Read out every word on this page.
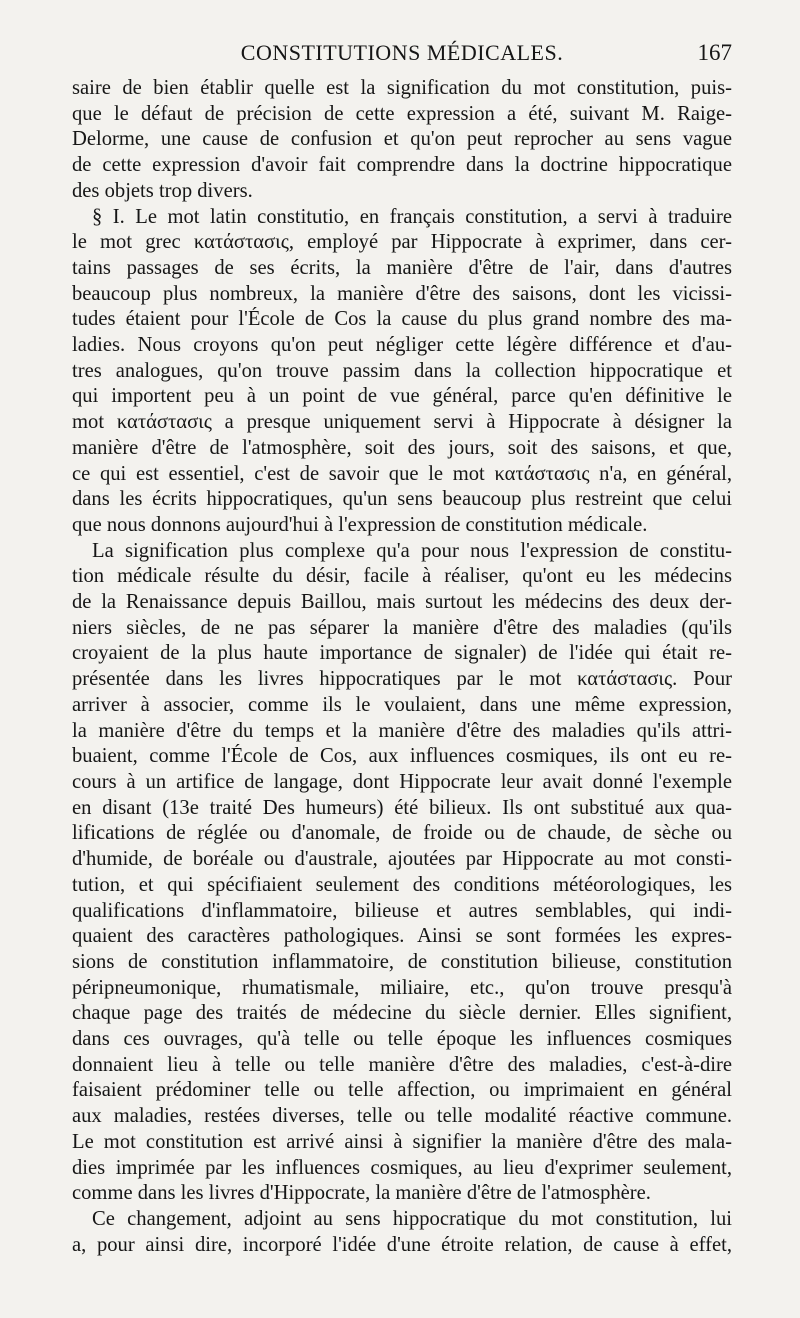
CONSTITUTIONS MÉDICALES.	167

saire de bien établir quelle est la signification du mot constitution, puis-
que le défaut de précision de cette expression a été, suivant M. Raige-
Delorme, une cause de confusion et qu'on peut reprocher au sens vague
de cette expression d'avoir fait comprendre dans la doctrine hippocratique
des objets trop divers.

§ I. Le mot latin constitutio, en français constitution, a servi à traduire
le mot grec κατάστασις, employé par Hippocrate à exprimer, dans cer-
tains passages de ses écrits, la manière d'être de l'air, dans d'autres
beaucoup plus nombreux, la manière d'être des saisons, dont les vicissi-
tudes étaient pour l'École de Cos la cause du plus grand nombre des ma-
ladies. Nous croyons qu'on peut négliger cette légère différence et d'au-
tres analogues, qu'on trouve passim dans la collection hippocratique et
qui importent peu à un point de vue général, parce qu'en définitive le
mot κατάστασις a presque uniquement servi à Hippocrate à désigner la
manière d'être de l'atmosphère, soit des jours, soit des saisons, et que,
ce qui est essentiel, c'est de savoir que le mot κατάστασις n'a, en général,
dans les écrits hippocratiques, qu'un sens beaucoup plus restreint que celui
que nous donnons aujourd'hui à l'expression de constitution médicale.

La signification plus complexe qu'a pour nous l'expression de constitu-
tion médicale résulte du désir, facile à réaliser, qu'ont eu les médecins
de la Renaissance depuis Baillou, mais surtout les médecins des deux der-
niers siècles, de ne pas séparer la manière d'être des maladies (qu'ils
croyaient de la plus haute importance de signaler) de l'idée qui était re-
présentée dans les livres hippocratiques par le mot κατάστασις. Pour
arriver à associer, comme ils le voulaient, dans une même expression,
la manière d'être du temps et la manière d'être des maladies qu'ils attri-
buaient, comme l'École de Cos, aux influences cosmiques, ils ont eu re-
cours à un artifice de langage, dont Hippocrate leur avait donné l'exemple
en disant (13e traité Des humeurs) été bilieux. Ils ont substitué aux qua-
lifications de réglée ou d'anomale, de froide ou de chaude, de sèche ou
d'humide, de boréale ou d'australe, ajoutées par Hippocrate au mot consti-
tution, et qui spécifiaient seulement des conditions météorologiques, les
qualifications d'inflammatoire, bilieuse et autres semblables, qui indi-
quaient des caractères pathologiques. Ainsi se sont formées les expres-
sions de constitution inflammatoire, de constitution bilieuse, constitution
péripneumonique, rhumatismale, miliaire, etc., qu'on trouve presqu'à
chaque page des traités de médecine du siècle dernier. Elles signifient,
dans ces ouvrages, qu'à telle ou telle époque les influences cosmiques
donnaient lieu à telle ou telle manière d'être des maladies, c'est-à-dire
faisaient prédominer telle ou telle affection, ou imprimaient en général
aux maladies, restées diverses, telle ou telle modalité réactive commune.
Le mot constitution est arrivé ainsi à signifier la manière d'être des mala-
dies imprimée par les influences cosmiques, au lieu d'exprimer seulement,
comme dans les livres d'Hippocrate, la manière d'être de l'atmosphère.

Ce changement, adjoint au sens hippocratique du mot constitution, lui
a, pour ainsi dire, incorporé l'idée d'une étroite relation, de cause à effet,
